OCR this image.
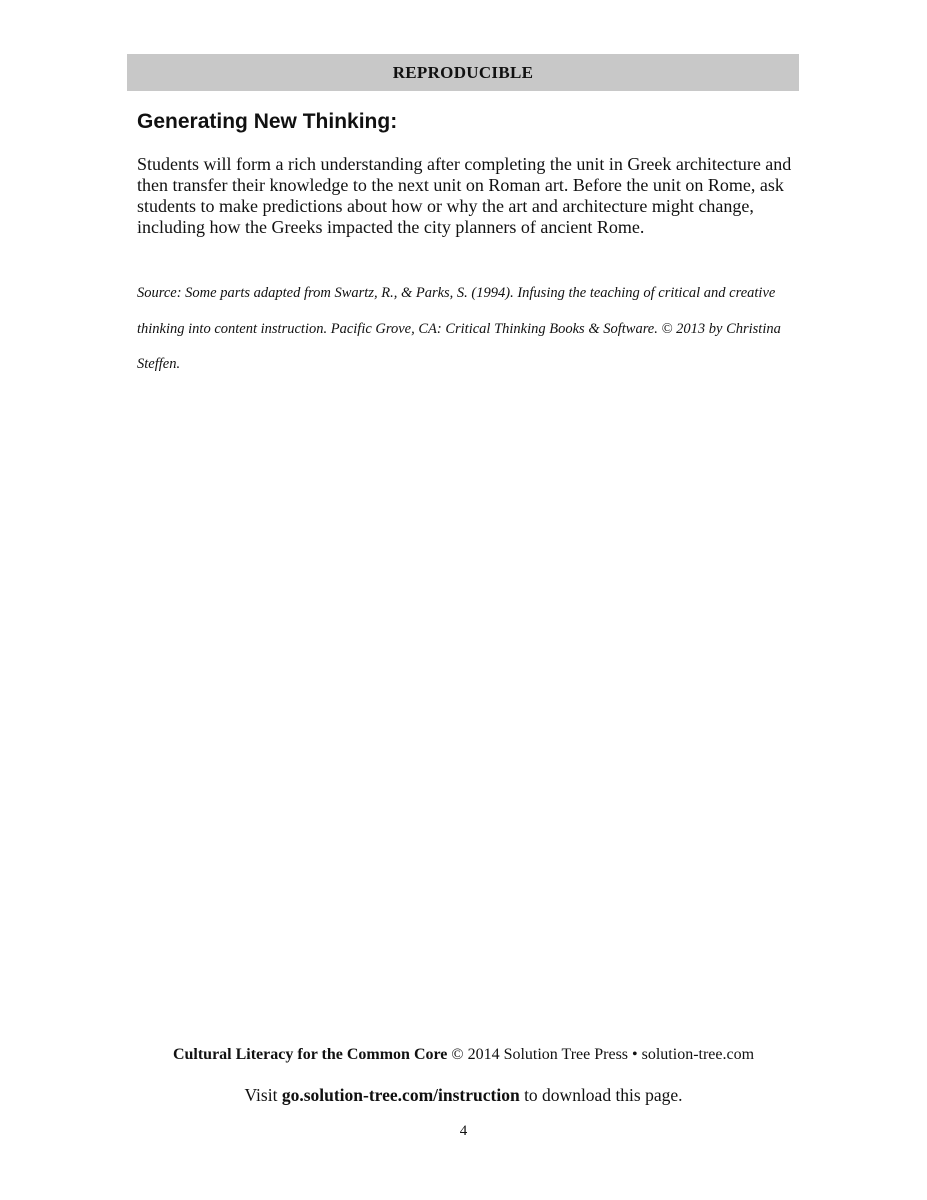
REPRODUCIBLE
Generating New Thinking:

Students will form a rich understanding after completing the unit in Greek architecture and then transfer their knowledge to the next unit on Roman art. Before the unit on Rome, ask students to make predictions about how or why the art and architecture might change, including how the Greeks impacted the city planners of ancient Rome.

Source: Some parts adapted from Swartz, R., & Parks, S. (1994). Infusing the teaching of critical and creative thinking into content instruction. Pacific Grove, CA: Critical Thinking Books & Software. © 2013 by Christina Steffen.

Cultural Literacy for the Common Core © 2014 Solution Tree Press • solution-tree.com
Visit go.solution-tree.com/instruction to download this page.
4
